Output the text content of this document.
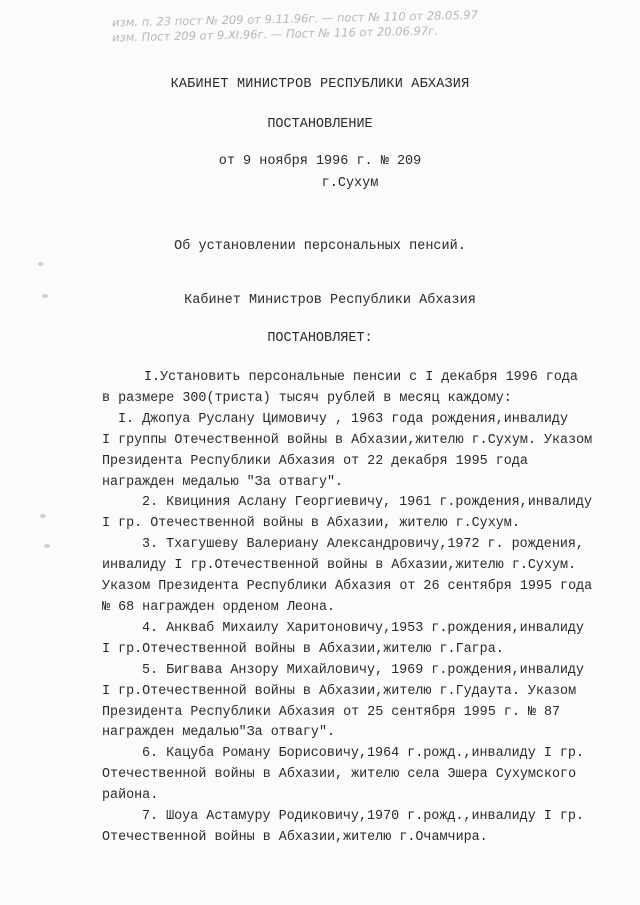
изм. п. 23 пост № 209 от 9.11.96г. — пост № 110 от 28.05.97
изм. Пост 209 от 9.XI.96г. — Пост № 116 от 20.06.97г.
КАБИНЕТ МИНИСТРОВ РЕСПУБЛИКИ АБХАЗИЯ
ПОСТАНОВЛЕНИЕ
от 9 ноября 1996 г. № 209
г.Сухум
Об установлении персональных пенсий.
Кабинет Министров Республики Абхазия
ПОСТАНОВЛЯЕТ:

I.Установить персональные пенсии с I декабря 1996 года

в размере 300(триста) тысяч рублей в месяц каждому:

I. Джопуа Руслану Цимовичу , 1963 года рождения,инвалиду

I группы Отечественной войны в Абхазии,жителю г.Сухум. Указом

Президента Республики Абхазия от 22 декабря 1995 года

награжден медалью "За отвагу".

2. Квициния Аслану Георгиевичу, 1961 г.рождения,инвалиду

I гр. Отечественной войны в Абхазии, жителю г.Сухум.

3. Тхагушеву Валериану Александровичу,1972 г. рождения,

инвалиду I гр.Отечественной войны в Абхазии,жителю г.Сухум.

Указом Президента Республики Абхазия от 26 сентября 1995 года

№ 68 награжден орденом Леона.

4. Анкваб Михаилу Харитоновичу,1953 г.рождения,инвалиду

I гр.Отечественной войны в Абхазии,жителю г.Гагра.

5. Бигвава Анзору Михайловичу, 1969 г.рождения,инвалиду

I гр.Отечественной войны в Абхазии,жителю г.Гудаута. Указом

Президента Республики Абхазия от 25 сентября 1995 г. № 87

награжден медалью"За отвагу".

6. Кацуба Роману Борисовичу,1964 г.рожд.,инвалиду I гр.

Отечественной войны в Абхазии, жителю села Эшера Сухумского

района.

7. Шоуа Астамуру Родиковичу,1970 г.рожд.,инвалиду I гр.

Отечественной войны в Абхазии,жителю г.Очамчира.
